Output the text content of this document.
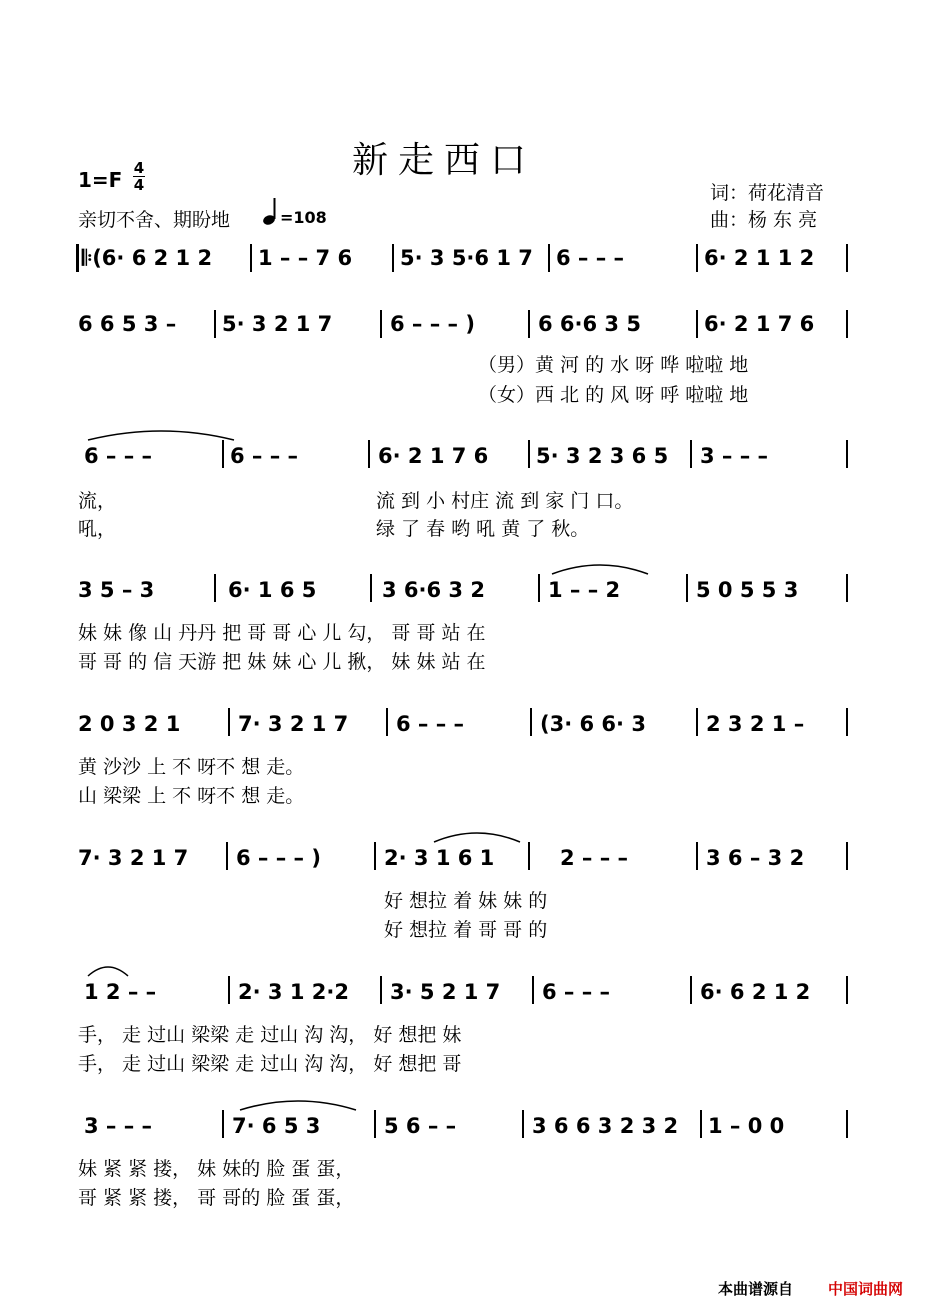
新走西口
1=F 4
4
亲切不舍、期盼地	=108
词：荷花清音
曲：杨 东 亮
𝄆(6· 6 2 1 2 1 – – 7 6 5· 3 5·6 1 7 6 – – –	6· 2 1 1 2
6 6 5 3 – 5· 3 2 1 7	6 – – – )	6 6·6 3 5	6· 2 1 7 6
（男）黄 河 的 水 呀 哗 啦啦 地
（女）西 北 的 风 呀 呼 啦啦 地
6 – – –	6 – – –	6· 2 1 7 6 5· 3 2 3 6 5 3 – – –
流，	流 到 小 村庄 流 到 家 门 口。
吼，	绿 了 春 哟 吼 黄 了 秋。
3 5 – 3	6· 1 6 5	3 6·6 3 2	1 – – 2	5 0 5 5 3
妹 妹 像 山 丹丹 把 哥 哥 心 儿 勾， 哥 哥 站 在
哥 哥 的 信 天游 把 妹 妹 心 儿 揪， 妹 妹 站 在
2 0 3 2 1	7· 3 2 1 7 6 – – –	(3· 6 6· 3	2 3 2 1 –
黄 沙沙 上 不 呀不 想 走。
山 梁梁 上 不 呀不 想 走。
7· 3 2 1 7 6 – – – )	2· 3 1 6 1	2 – – –	3 6 – 3 2
好 想拉 着 妹 妹 的
好 想拉 着 哥 哥 的
1 2 – –	2· 3 1 2·2 3· 5 2 1 7 6 – – –	6· 6 2 1 2
手， 走 过山 梁梁 走 过山 沟 沟， 好 想把 妹
手， 走 过山 梁梁 走 过山 沟 沟， 好 想把 哥
3 – – –	7· 6 5 3	5 6 – –	3 6 6 3 2 3 2 1 – 0 0
妹 紧 紧 搂， 妹 妹的 脸 蛋 蛋，
哥 紧 紧 搂， 哥 哥的 脸 蛋 蛋，
本曲谱源自 中国词曲网
